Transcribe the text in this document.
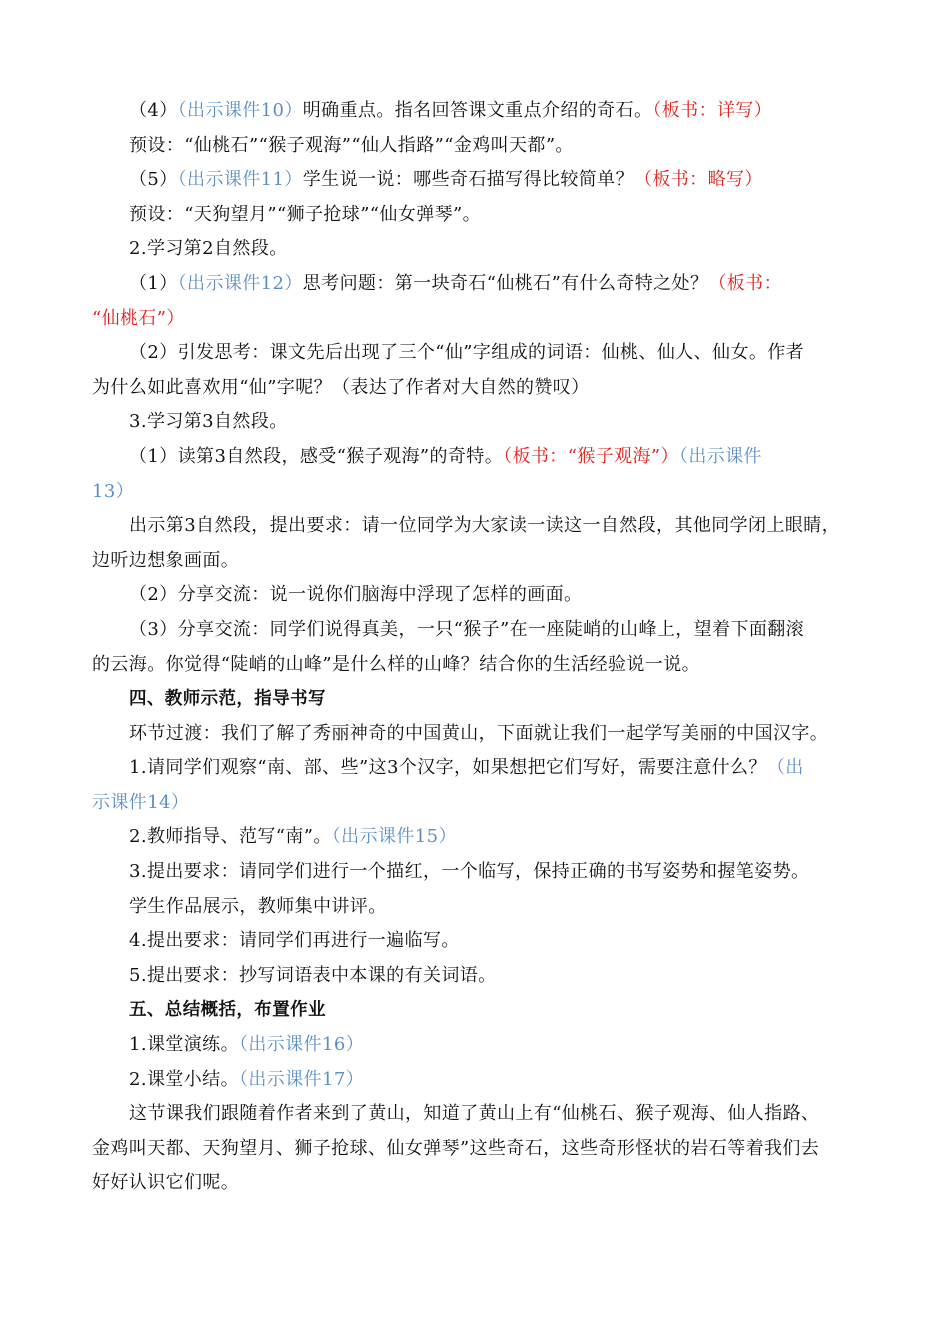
（4）（出示课件10）明确重点。指名回答课文重点介绍的奇石。（板书：详写）
预设：“仙桃石”“猴子观海”“仙人指路”“金鸡叫天都”。
（5）（出示课件11）学生说一说：哪些奇石描写得比较简单？（板书：略写）
预设：“天狗望月”“狮子抢球”“仙女弹琴”。
2.学习第2自然段。
（1）（出示课件12）思考问题：第一块奇石“仙桃石”有什么奇特之处？（板书：
“仙桃石”）
（2）引发思考：课文先后出现了三个“仙”字组成的词语：仙桃、仙人、仙女。作者
为什么如此喜欢用“仙”字呢？（表达了作者对大自然的赞叹）
3.学习第3自然段。
（1）读第3自然段，感受“猴子观海”的奇特。（板书：“猴子观海”）（出示课件
13）
出示第3自然段，提出要求：请一位同学为大家读一读这一自然段，其他同学闭上眼睛，
边听边想象画面。
（2）分享交流：说一说你们脑海中浮现了怎样的画面。
（3）分享交流：同学们说得真美，一只“猴子”在一座陡峭的山峰上，望着下面翻滚
的云海。你觉得“陡峭的山峰”是什么样的山峰？结合你的生活经验说一说。
四、教师示范，指导书写
环节过渡：我们了解了秀丽神奇的中国黄山，下面就让我们一起学写美丽的中国汉字。
1.请同学们观察“南、部、些”这3个汉字，如果想把它们写好，需要注意什么？（出
示课件14）
2.教师指导、范写“南”。（出示课件15）
3.提出要求：请同学们进行一个描红，一个临写，保持正确的书写姿势和握笔姿势。
学生作品展示，教师集中讲评。
4.提出要求：请同学们再进行一遍临写。
5.提出要求：抄写词语表中本课的有关词语。
五、总结概括，布置作业
1.课堂演练。（出示课件16）
2.课堂小结。（出示课件17）
这节课我们跟随着作者来到了黄山，知道了黄山上有“仙桃石、猴子观海、仙人指路、
金鸡叫天都、天狗望月、狮子抢球、仙女弹琴”这些奇石，这些奇形怪状的岩石等着我们去
好好认识它们呢。
